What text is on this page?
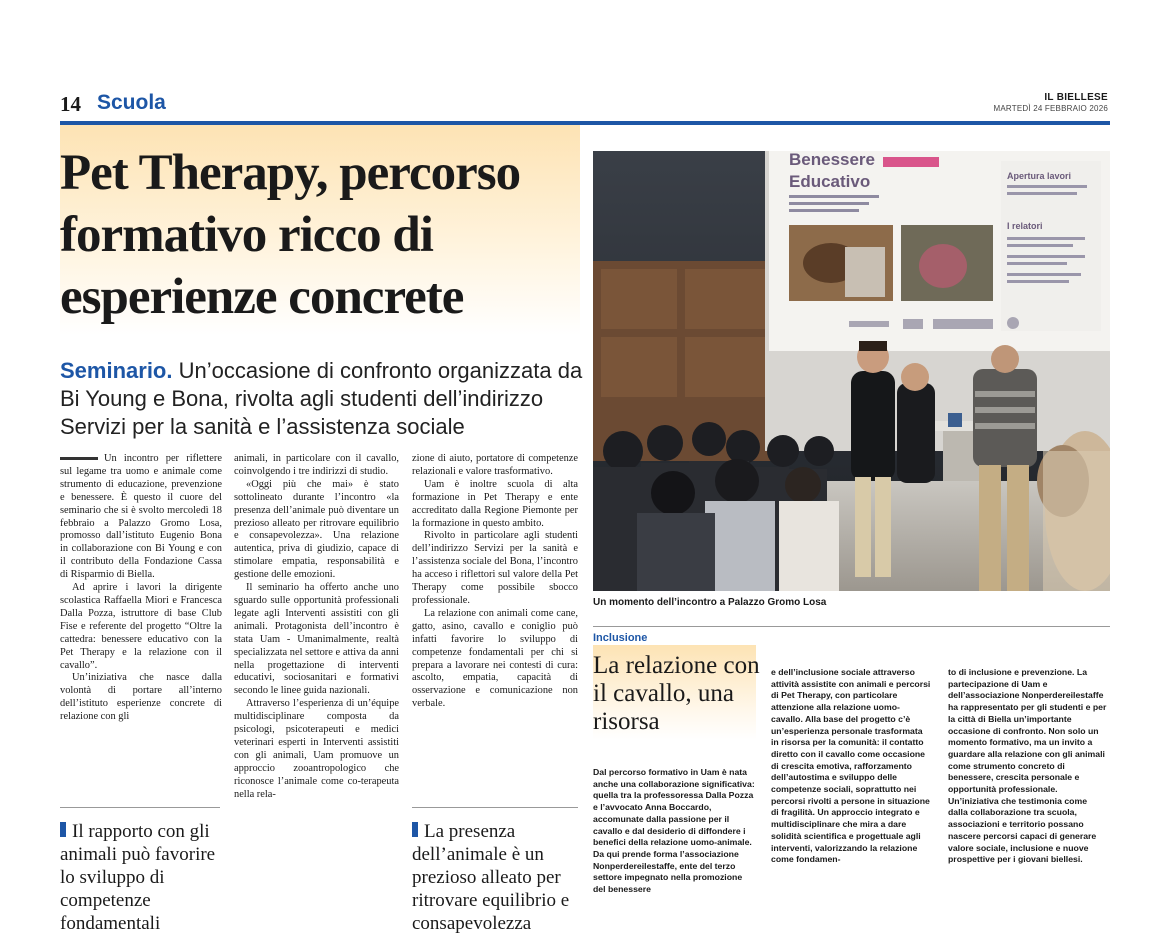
14 Scuola	IL BIELLESE
MARTEDÌ 24 FEBBRAIO 2026
Pet Therapy, percorso formativo ricco di esperienze concrete
Seminario. Un’occasione di confronto organizzata da Bi Young e Bona, rivolta agli studenti dell’indirizzo Servizi per la sanità e l’assistenza sociale

Un incontro per riflettere sul legame tra uomo e animale come strumento di educazione, prevenzione e benessere. È questo il cuore del seminario che si è svolto mercoledì 18 febbraio a Palazzo Gromo Losa, promosso dall’istituto Eugenio Bona in collaborazione con Bi Young e con il contributo della Fondazione Cassa di Risparmio di Biella.

Ad aprire i lavori la dirigente scolastica Raffaella Miori e Francesca Dalla Pozza, istruttore di base Club Fise e referente del progetto “Oltre la cattedra: benessere educativo con la Pet Therapy e la relazione con il cavallo”.

Un’iniziativa che nasce dalla volontà di portare all’interno dell’istituto esperienze concrete di relazione con gli

animali, in particolare con il cavallo, coinvolgendo i tre indirizzi di studio.

«Oggi più che mai» è stato sottolineato durante l’incontro «la presenza dell’animale può diventare un prezioso alleato per ritrovare equilibrio e consapevolezza». Una relazione autentica, priva di giudizio, capace di stimolare empatia, responsabilità e gestione delle emozioni.

Il seminario ha offerto anche uno sguardo sulle opportunità professionali legate agli Interventi assistiti con gli animali. Protagonista dell’incontro è stata Uam - Umanimalmente, realtà specializzata nel settore e attiva da anni nella progettazione di interventi educativi, sociosanitari e formativi secondo le linee guida nazionali.

Attraverso l’esperienza di un’équipe multidisciplinare composta da psicologi, psicoterapeuti e medici veterinari esperti in Interventi assistiti con gli animali, Uam promuove un approccio zooantropologico che riconosce l’animale come co-terapeuta nella rela-

zione di aiuto, portatore di competenze relazionali e valore trasformativo.

Uam è inoltre scuola di alta formazione in Pet Therapy e ente accreditato dalla Regione Piemonte per la formazione in questo ambito.

Rivolto in particolare agli studenti dell’indirizzo Servizi per la sanità e l’assistenza sociale del Bona, l’incontro ha acceso i riflettori sul valore della Pet Therapy come possibile sbocco professionale.

La relazione con animali come cane, gatto, asino, cavallo e coniglio può infatti favorire lo sviluppo di competenze fondamentali per chi si prepara a lavorare nei contesti di cura: ascolto, empatia, capacità di osservazione e comunicazione non verbale.

Il rapporto con gli animali può favorire lo sviluppo di competenze fondamentali
La presenza dell’animale è un prezioso alleato per ritrovare equilibrio e consapevolezza
Benessere
Educativo	Apertura lavori
I relatori
Un momento dell’incontro a Palazzo Gromo Losa
Inclusione
La relazione con il cavallo, una risorsa

Dal percorso formativo in Uam è nata anche una collaborazione significativa: quella tra la professoressa Dalla Pozza e l’avvocato Anna Boccardo, accomunate dalla passione per il cavallo e dal desiderio di diffondere i benefici della relazione uomo-animale. Da qui prende forma l’associazione Nonperdereilestaffe, ente del terzo settore impegnato nella promozione del benessere

e dell’inclusione sociale attraverso attività assistite con animali e percorsi di Pet Therapy, con particolare attenzione alla relazione uomo-cavallo. Alla base del progetto c’è un’esperienza personale trasformata in risorsa per la comunità: il contatto diretto con il cavallo come occasione di crescita emotiva, rafforzamento dell’autostima e sviluppo delle competenze sociali, soprattutto nei percorsi rivolti a persone in situazione di fragilità. Un approccio integrato e multidisciplinare che mira a dare solidità scientifica e progettuale agli interventi, valorizzando la relazione come fondamen-

to di inclusione e prevenzione. La partecipazione di Uam e dell’associazione Nonperdereilestaffe ha rappresentato per gli studenti e per la città di Biella un’importante occasione di confronto. Non solo un momento formativo, ma un invito a guardare alla relazione con gli animali come strumento concreto di benessere, crescita personale e opportunità professionale. Un’iniziativa che testimonia come dalla collaborazione tra scuola, associazioni e territorio possano nascere percorsi capaci di generare valore sociale, inclusione e nuove prospettive per i giovani biellesi.
